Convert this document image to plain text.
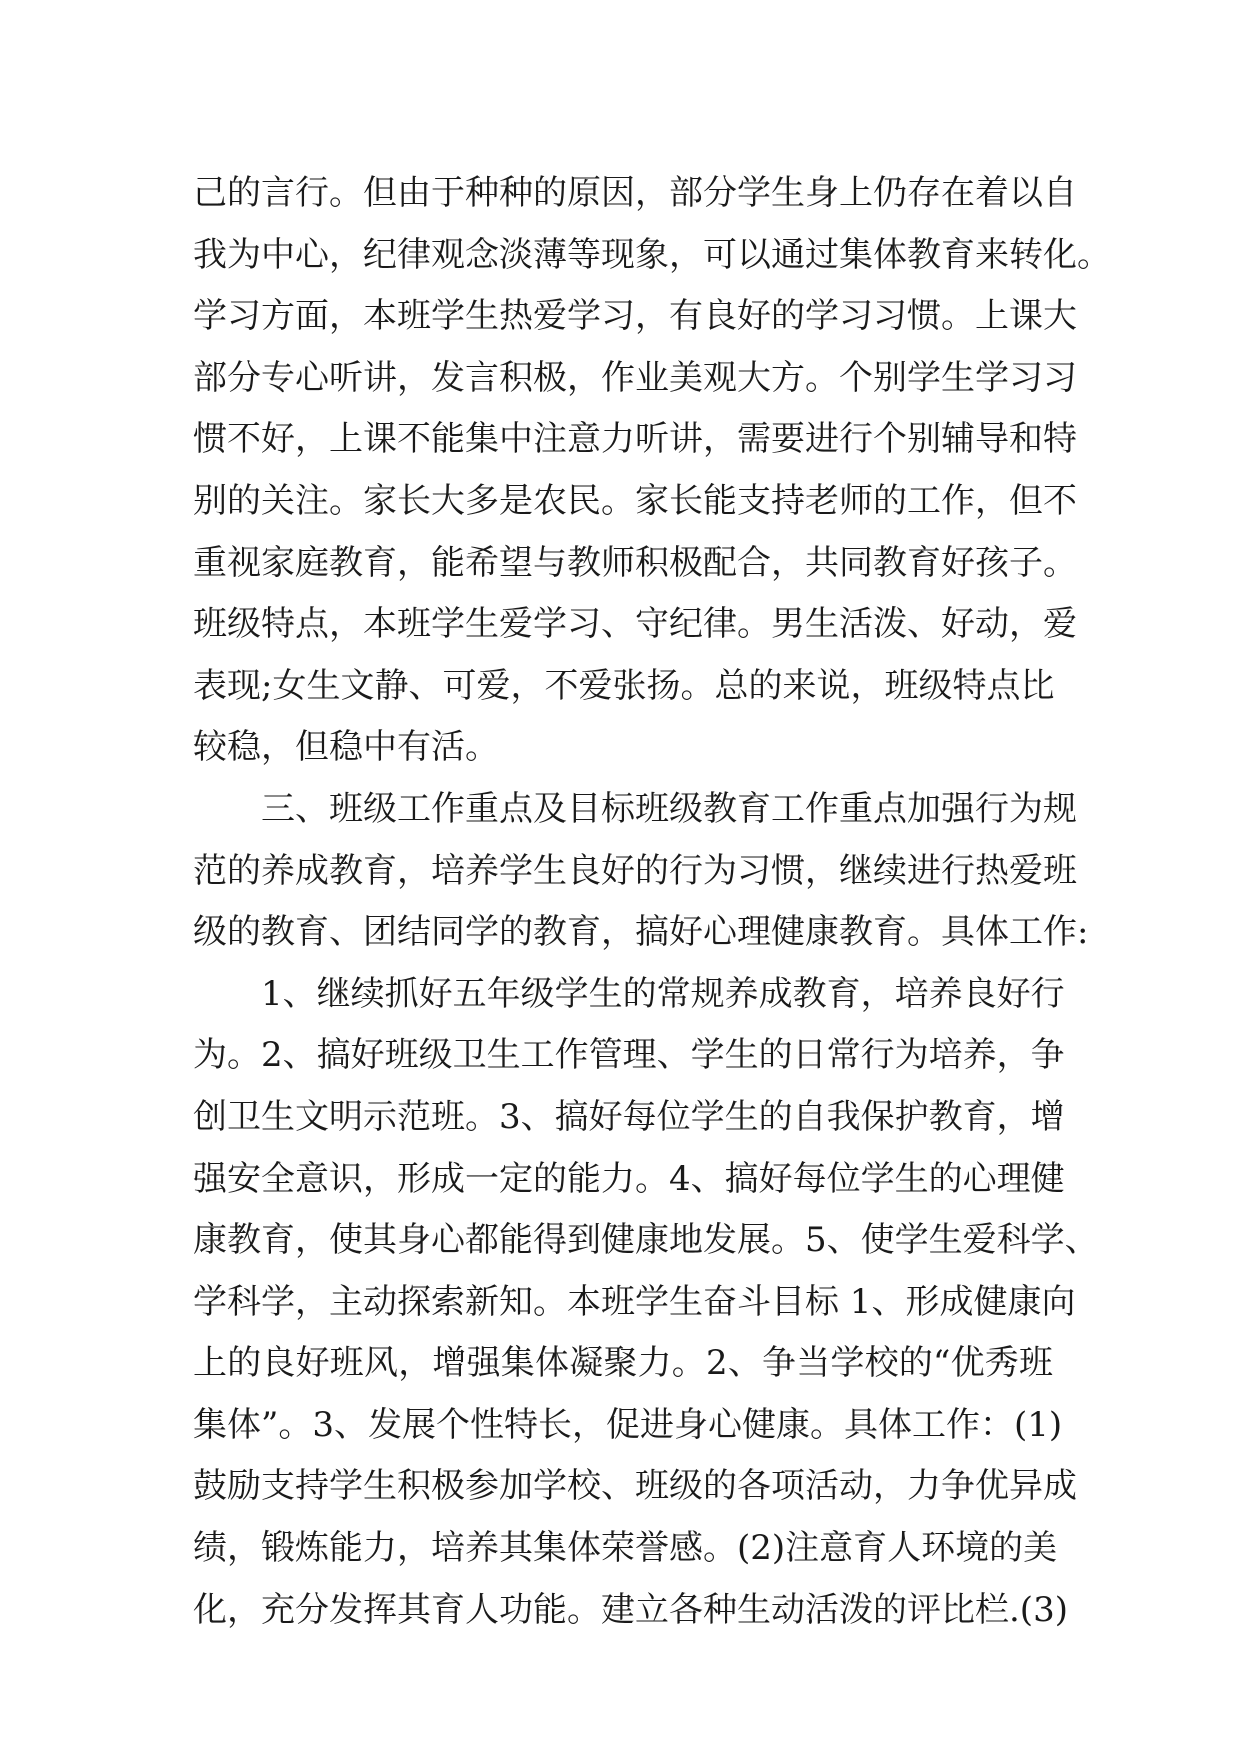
己的言行。但由于种种的原因，部分学生身上仍存在着以自
我为中心，纪律观念淡薄等现象，可以通过集体教育来转化。
学习方面，本班学生热爱学习，有良好的学习习惯。上课大
部分专心听讲，发言积极，作业美观大方。个别学生学习习
惯不好，上课不能集中注意力听讲，需要进行个别辅导和特
别的关注。家长大多是农民。家长能支持老师的工作，但不
重视家庭教育，能希望与教师积极配合，共同教育好孩子。
班级特点，本班学生爱学习、守纪律。男生活泼、好动，爱
表现;女生文静、可爱，不爱张扬。总的来说，班级特点比
较稳，但稳中有活。
三、班级工作重点及目标班级教育工作重点加强行为规
范的养成教育，培养学生良好的行为习惯，继续进行热爱班
级的教育、团结同学的教育，搞好心理健康教育。具体工作:
1、继续抓好五年级学生的常规养成教育，培养良好行
为。2、搞好班级卫生工作管理、学生的日常行为培养，争
创卫生文明示范班。3、搞好每位学生的自我保护教育，增
强安全意识，形成一定的能力。4、搞好每位学生的心理健
康教育，使其身心都能得到健康地发展。5、使学生爱科学、
学科学，主动探索新知。本班学生奋斗目标 1、形成健康向
上的良好班风，增强集体凝聚力。2、争当学校的“优秀班
集体”。3、发展个性特长，促进身心健康。具体工作：(1)
鼓励支持学生积极参加学校、班级的各项活动，力争优异成
绩，锻炼能力，培养其集体荣誉感。(2)注意育人环境的美
化，充分发挥其育人功能。建立各种生动活泼的评比栏.(3)
